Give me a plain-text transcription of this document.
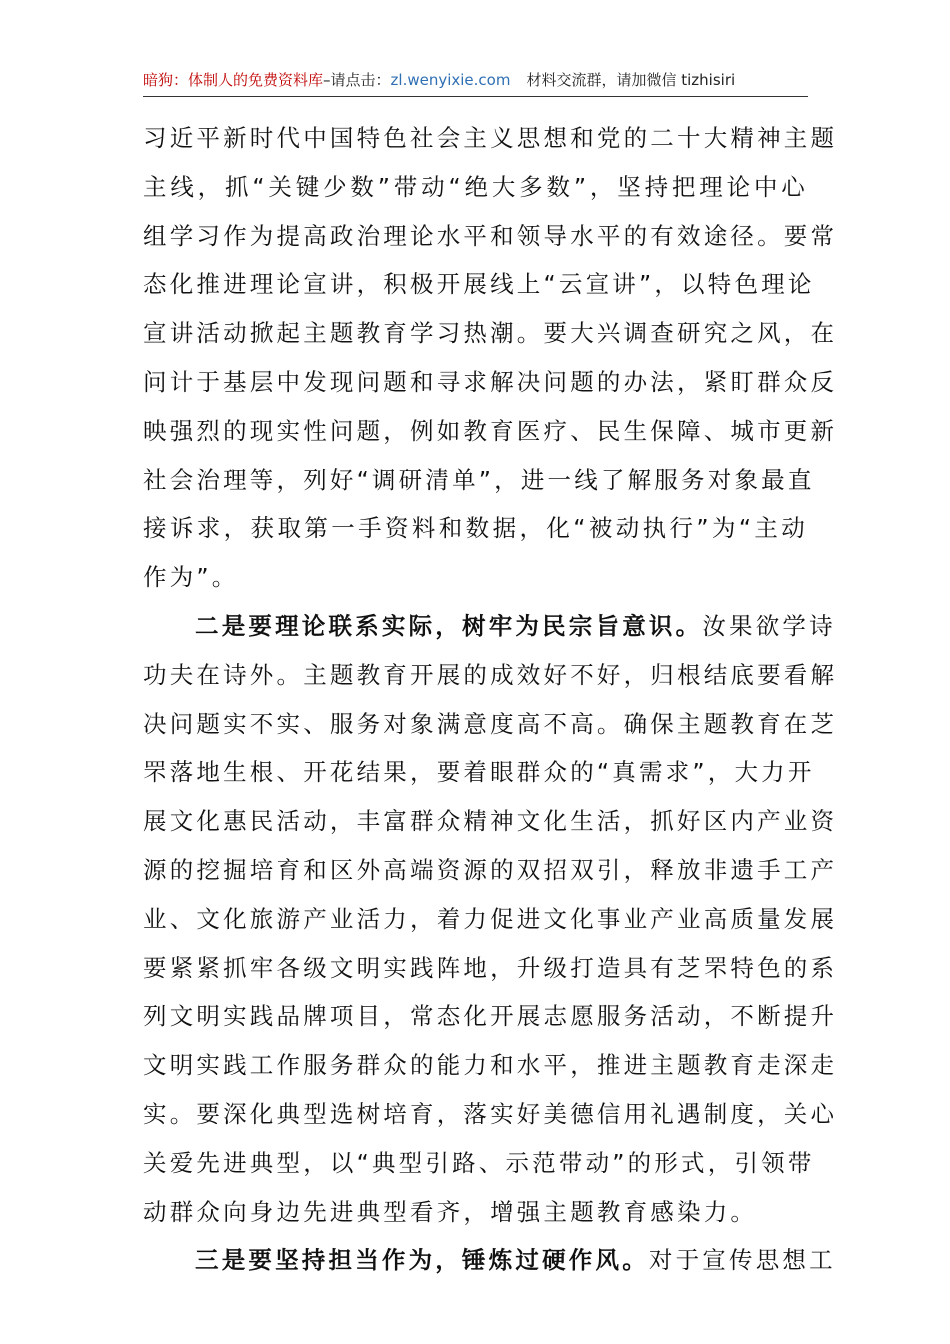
暗狗：体制人的免费资料库–请点击：zl.wenyixie.com 材料交流群，请加微信 tizhisiri
习近平新时代中国特色社会主义思想和党的二十大精神主题
主线，抓“关键少数”带动“绝大多数”，坚持把理论中心
组学习作为提高政治理论水平和领导水平的有效途径。要常
态化推进理论宣讲，积极开展线上“云宣讲”，以特色理论
宣讲活动掀起主题教育学习热潮。要大兴调查研究之风，在
问计于基层中发现问题和寻求解决问题的办法，紧盯群众反
映强烈的现实性问题，例如教育医疗、民生保障、城市更新
社会治理等，列好“调研清单”，进一线了解服务对象最直
接诉求，获取第一手资料和数据，化“被动执行”为“主动
作为”。
二是要理论联系实际，树牢为民宗旨意识。汝果欲学诗
功夫在诗外。主题教育开展的成效好不好，归根结底要看解
决问题实不实、服务对象满意度高不高。确保主题教育在芝
罘落地生根、开花结果，要着眼群众的“真需求”，大力开
展文化惠民活动，丰富群众精神文化生活，抓好区内产业资
源的挖掘培育和区外高端资源的双招双引，释放非遗手工产
业、文化旅游产业活力，着力促进文化事业产业高质量发展
要紧紧抓牢各级文明实践阵地，升级打造具有芝罘特色的系
列文明实践品牌项目，常态化开展志愿服务活动，不断提升
文明实践工作服务群众的能力和水平，推进主题教育走深走
实。要深化典型选树培育，落实好美德信用礼遇制度，关心
关爱先进典型，以“典型引路、示范带动”的形式，引领带
动群众向身边先进典型看齐，增强主题教育感染力。
三是要坚持担当作为，锤炼过硬作风。对于宣传思想工
